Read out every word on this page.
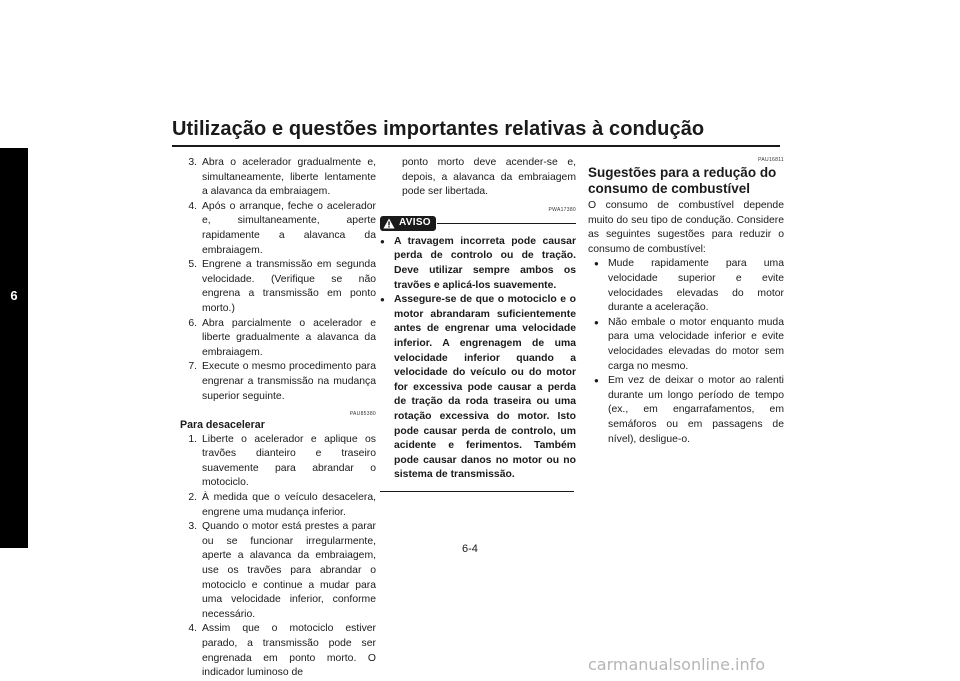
Utilização e questões importantes relativas à condução
6
3. Abra o acelerador gradualmente e, simultaneamente, liberte lentamente a alavanca da embraiagem.
4. Após o arranque, feche o acelerador e, simultaneamente, aperte rapidamente a alavanca da embraiagem.
5. Engrene a transmissão em segunda velocidade. (Verifique se não engrena a transmissão em ponto morto.)
6. Abra parcialmente o acelerador e liberte gradualmente a alavanca da embraiagem.
7. Execute o mesmo procedimento para engrenar a transmissão na mudança superior seguinte.
PAU85380
Para desacelerar
1. Liberte o acelerador e aplique os travões dianteiro e traseiro suavemente para abrandar o motociclo.
2. À medida que o veículo desacelera, engrene uma mudança inferior.
3. Quando o motor está prestes a parar ou se funcionar irregularmente, aperte a alavanca da embraiagem, use os travões para abrandar o motociclo e continue a mudar para uma velocidade inferior, conforme necessário.
4. Assim que o motociclo estiver parado, a transmissão pode ser engrenada em ponto morto. O indicador luminoso de
ponto morto deve acender-se e, depois, a alavanca da embraiagem pode ser libertada.
PWA17380
AVISO
●
A travagem incorreta pode causar perda de controlo ou de tração. Deve utilizar sempre ambos os travões e aplicá-los suavemente.
●
Assegure-se de que o motociclo e o motor abrandaram suficientemente antes de engrenar uma velocidade inferior. A engrenagem de uma velocidade inferior quando a velocidade do veículo ou do motor for excessiva pode causar a perda de tração da roda traseira ou uma rotação excessiva do motor. Isto pode causar perda de controlo, um acidente e ferimentos. Também pode causar danos no motor ou no sistema de transmissão.
PAU16811
Sugestões para a redução do consumo de combustível
O consumo de combustível depende muito do seu tipo de condução. Considere as seguintes sugestões para reduzir o consumo de combustível:
●
Mude rapidamente para uma velocidade superior e evite velocidades elevadas do motor durante a aceleração.
●
Não embale o motor enquanto muda para uma velocidade inferior e evite velocidades elevadas do motor sem carga no mesmo.
●
Em vez de deixar o motor ao ralenti durante um longo período de tempo (ex., em engarrafamentos, em semáforos ou em passagens de nível), desligue-o.
6-4
carmanualsonline.info
